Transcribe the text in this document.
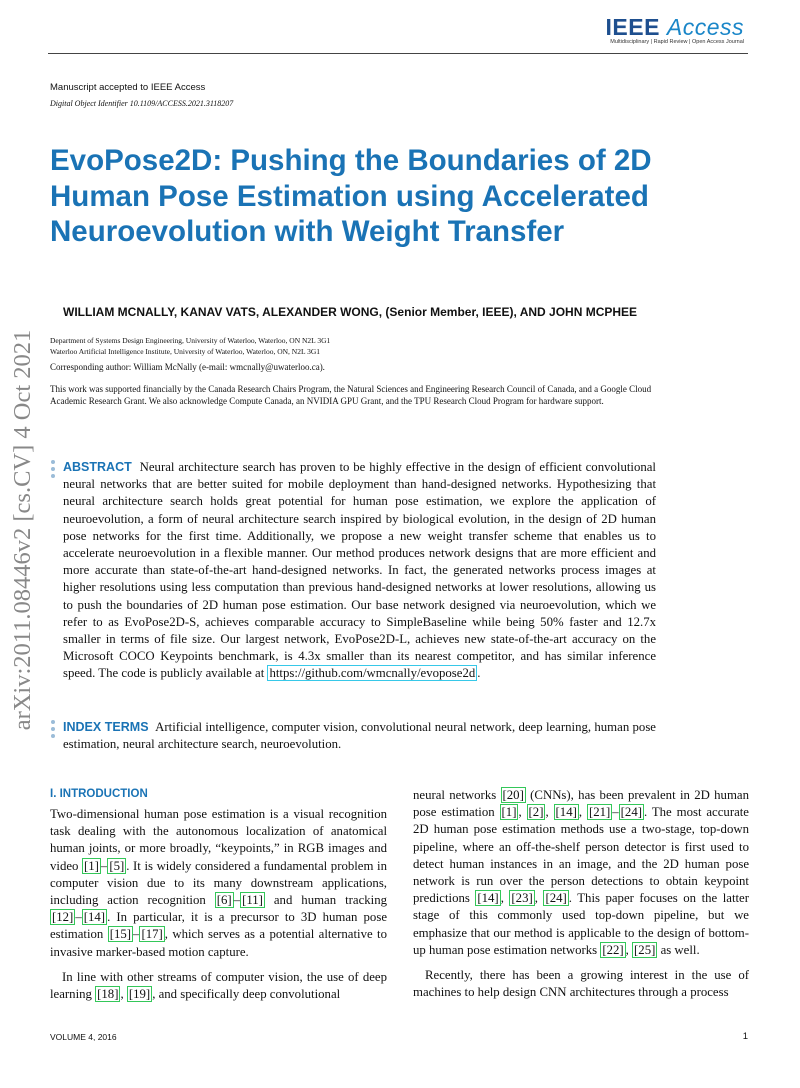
IEEE Access
Multidisciplinary | Rapid Review | Open Access Journal
Manuscript accepted to IEEE Access
Digital Object Identifier 10.1109/ACCESS.2021.3118207
EvoPose2D: Pushing the Boundaries of 2D Human Pose Estimation using Accelerated Neuroevolution with Weight Transfer
arXiv:2011.08446v2 [cs.CV] 4 Oct 2021
WILLIAM MCNALLY, KANAV VATS, ALEXANDER WONG, (Senior Member, IEEE), AND JOHN MCPHEE
Department of Systems Design Engineering, University of Waterloo, Waterloo, ON N2L 3G1
Waterloo Artificial Intelligence Institute, University of Waterloo, Waterloo, ON, N2L 3G1
Corresponding author: William McNally (e-mail: wmcnally@uwaterloo.ca).
This work was supported financially by the Canada Research Chairs Program, the Natural Sciences and Engineering Research Council of Canada, and a Google Cloud Academic Research Grant. We also acknowledge Compute Canada, an NVIDIA GPU Grant, and the TPU Research Cloud Program for hardware support.
ABSTRACT Neural architecture search has proven to be highly effective in the design of efficient convolutional neural networks that are better suited for mobile deployment than hand-designed networks. Hypothesizing that neural architecture search holds great potential for human pose estimation, we explore the application of neuroevolution, a form of neural architecture search inspired by biological evolution, in the design of 2D human pose networks for the first time. Additionally, we propose a new weight transfer scheme that enables us to accelerate neuroevolution in a flexible manner. Our method produces network designs that are more efficient and more accurate than state-of-the-art hand-designed networks. In fact, the generated networks process images at higher resolutions using less computation than previous hand-designed networks at lower resolutions, allowing us to push the boundaries of 2D human pose estimation. Our base network designed via neuroevolution, which we refer to as EvoPose2D-S, achieves comparable accuracy to SimpleBaseline while being 50% faster and 12.7x smaller in terms of file size. Our largest network, EvoPose2D-L, achieves new state-of-the-art accuracy on the Microsoft COCO Keypoints benchmark, is 4.3x smaller than its nearest competitor, and has similar inference speed. The code is publicly available at https://github.com/wmcnally/evopose2d .
INDEX TERMS Artificial intelligence, computer vision, convolutional neural network, deep learning, human pose estimation, neural architecture search, neuroevolution.
I. INTRODUCTION

Two-dimensional human pose estimation is a visual recognition task dealing with the autonomous localization of anatomical human joints, or more broadly, “keypoints,” in RGB images and video [1] – [5] . It is widely considered a fundamental problem in computer vision due to its many downstream applications, including action recognition [6] – [11] and human tracking [12] – [14] . In particular, it is a precursor to 3D human pose estimation [15] – [17] , which serves as a potential alternative to invasive marker-based motion capture.

In line with other streams of computer vision, the use of deep learning [18] , [19] , and specifically deep convolutional

neural networks [20] (CNNs), has been prevalent in 2D human pose estimation [1] , [2] , [14] , [21] – [24] . The most accurate 2D human pose estimation methods use a two-stage, top-down pipeline, where an off-the-shelf person detector is first used to detect human instances in an image, and the 2D human pose network is run over the person detections to obtain keypoint predictions [14] , [23] , [24] . This paper focuses on the latter stage of this commonly used top-down pipeline, but we emphasize that our method is applicable to the design of bottom-up human pose estimation networks [22] , [25] as well.

Recently, there has been a growing interest in the use of machines to help design CNN architectures through a process

VOLUME 4, 2016	1
